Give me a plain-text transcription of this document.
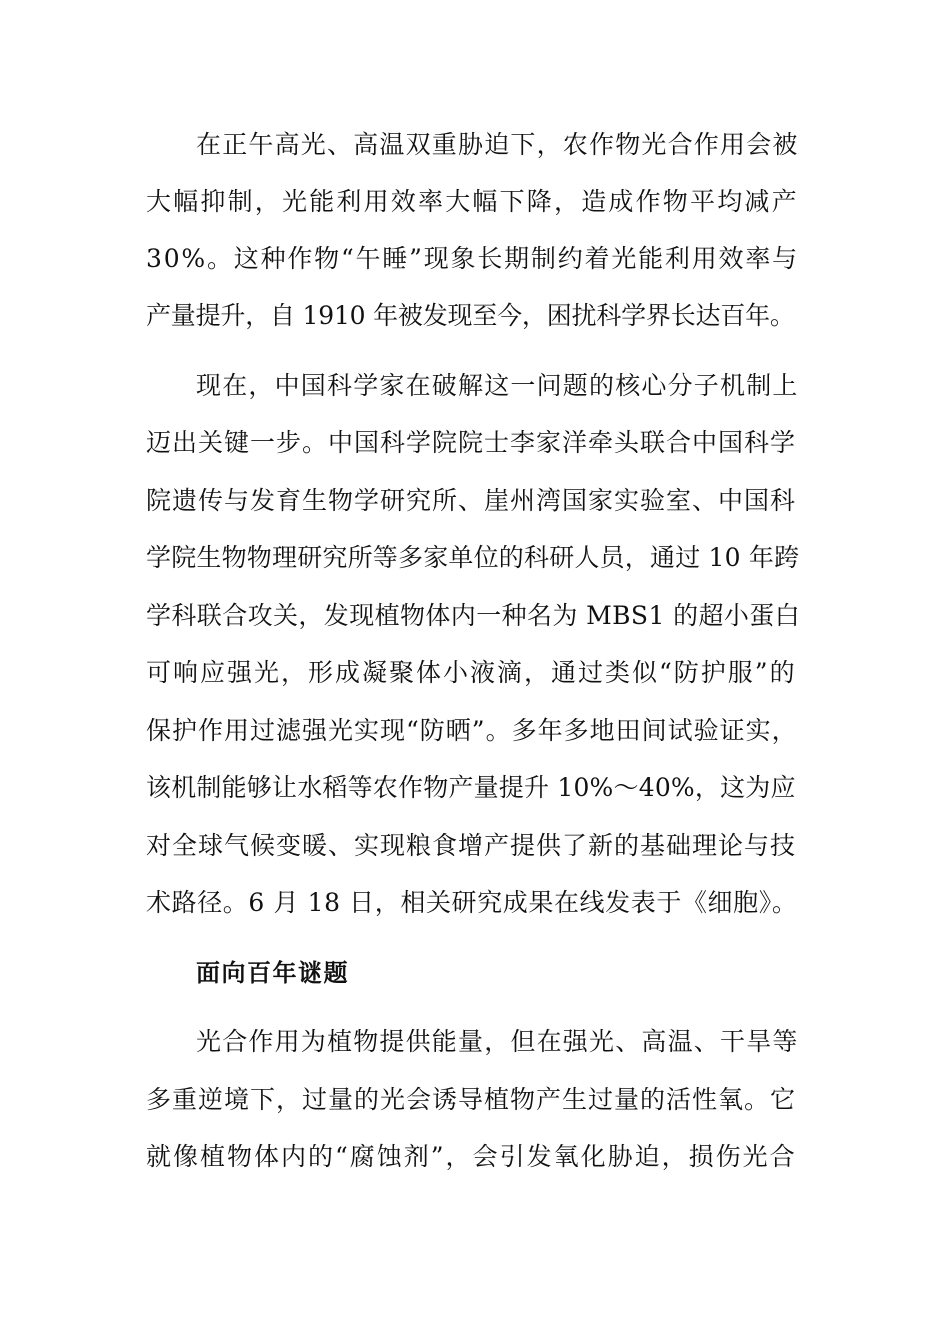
在正午高光、高温双重胁迫下，农作物光合作用会被
大幅抑制，光能利用效率大幅下降，造成作物平均减产
30%。这种作物“午睡”现象长期制约着光能利用效率与
产量提升，自 1910 年被发现至今，困扰科学界长达百年。
现在，中国科学家在破解这一问题的核心分子机制上
迈出关键一步。中国科学院院士李家洋牵头联合中国科学
院遗传与发育生物学研究所、崖州湾国家实验室、中国科
学院生物物理研究所等多家单位的科研人员，通过 10 年跨
学科联合攻关，发现植物体内一种名为 MBS1 的超小蛋白
可响应强光，形成凝聚体小液滴，通过类似“防护服”的
保护作用过滤强光实现“防晒”。多年多地田间试验证实，
该机制能够让水稻等农作物产量提升 10%～40%，这为应
对全球气候变暖、实现粮食增产提供了新的基础理论与技
术路径。6 月 18 日，相关研究成果在线发表于《细胞》。
面向百年谜题
光合作用为植物提供能量，但在强光、高温、干旱等
多重逆境下，过量的光会诱导植物产生过量的活性氧。它
就像植物体内的“腐蚀剂”，会引发氧化胁迫，损伤光合
